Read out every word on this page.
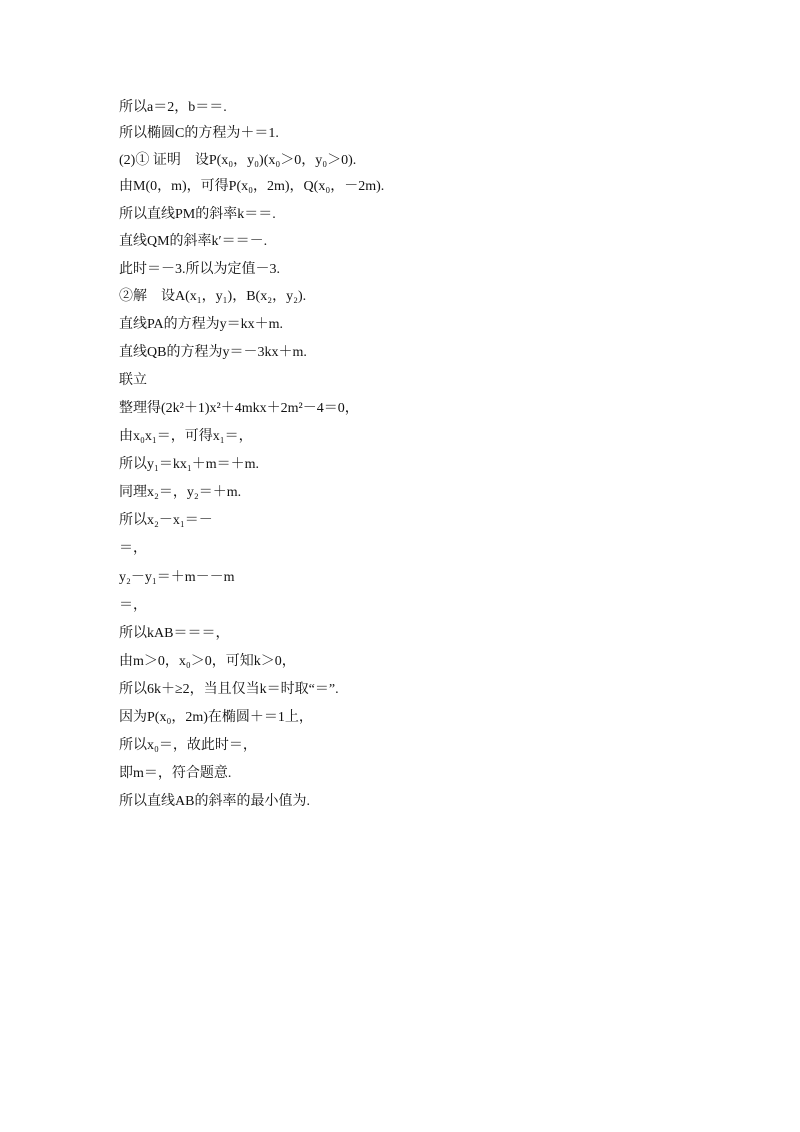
所以a＝2，b＝＝.
所以椭圆C的方程为＋＝1.
(2)① 证明　设P(x₀，y₀)(x₀＞0，y₀＞0).
由M(0，m)，可得P(x₀，2m)，Q(x₀，－2m).
所以直线PM的斜率k＝＝.
直线QM的斜率k′＝＝－.
此时＝－3.所以为定值－3.
②解　设A(x₁，y₁)，B(x₂，y₂).
直线PA的方程为y＝kx＋m.
直线QB的方程为y＝－3kx＋m.
联立
整理得(2k²＋1)x²＋4mkx＋2m²－4＝0，
由x₀x₁＝，可得x₁＝，
所以y₁＝kx₁＋m＝＋m.
同理x₂＝，y₂＝＋m.
所以x₂－x₁＝－
＝，
y₂－y₁＝＋m－－m
＝，
所以kAB＝＝＝，
由m＞0，x₀＞0，可知k＞0，
所以6k＋≥2，当且仅当k＝时取“＝”.
因为P(x₀，2m)在椭圆＋＝1上，
所以x₀＝，故此时＝，
即m＝，符合题意.
所以直线AB的斜率的最小值为.
